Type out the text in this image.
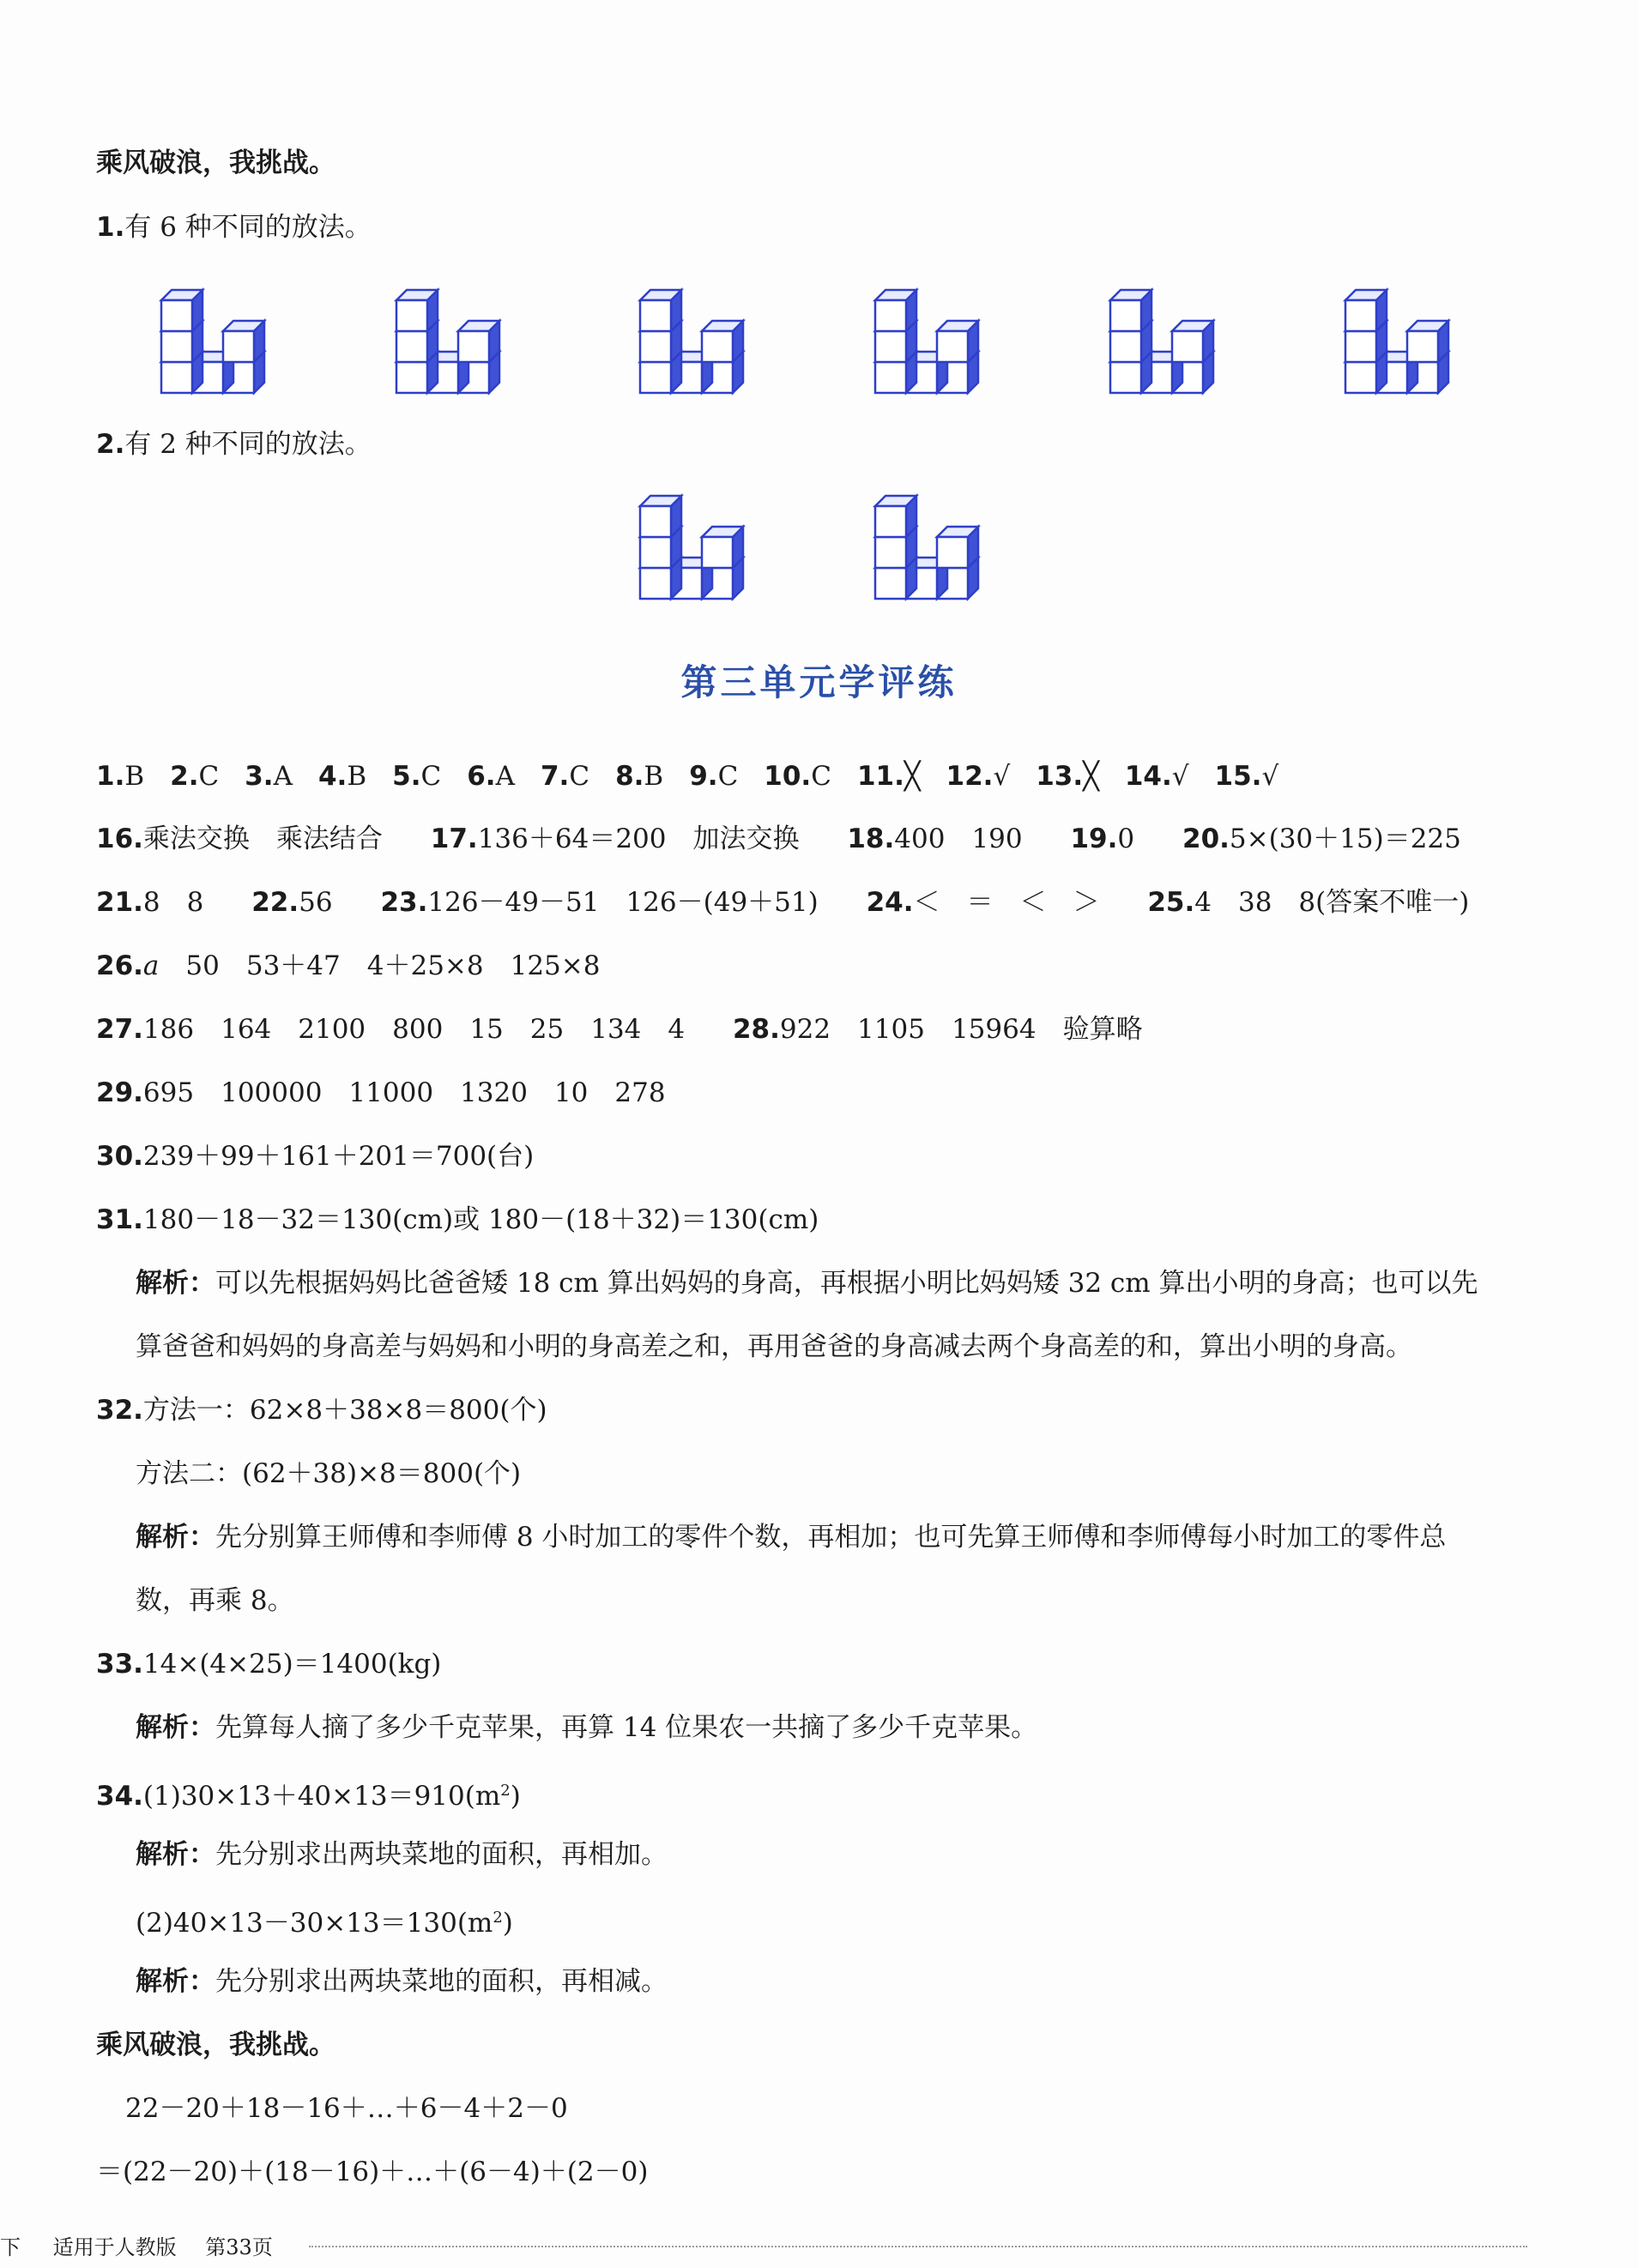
乘风破浪，我挑战。
1.有 6 种不同的放法。
2.有 2 种不同的放法。
第三单元学评练
1.B 2.C 3.A 4.B 5.C 6.A 7.C 8.B 9.C 10.C 11.╳ 12.√ 13.╳ 14.√ 15.√
16.乘法交换　乘法结合 17.136＋64＝200　加法交换 18.400　190 19.0 20.5×(30＋15)＝225
21.8　8 22.56 23.126－49－51　126－(49＋51) 24.＜　＝　＜　＞ 25.4　38　8(答案不唯一)
26.a　50　53＋47　4＋25×8　125×8
27.186　164　2100　800　15　25　134　4 28.922　1105　15964　验算略
29.695　100000　11000　1320　10　278
30.239＋99＋161＋201＝700(台)
31.180－18－32＝130(cm)或 180－(18＋32)＝130(cm)
解析：可以先根据妈妈比爸爸矮 18 cm 算出妈妈的身高，再根据小明比妈妈矮 32 cm 算出小明的身高；也可以先
算爸爸和妈妈的身高差与妈妈和小明的身高差之和，再用爸爸的身高减去两个身高差的和，算出小明的身高。
32.方法一：62×8＋38×8＝800(个)
方法二：(62＋38)×8＝800(个)
解析：先分别算王师傅和李师傅 8 小时加工的零件个数，再相加；也可先算王师傅和李师傅每小时加工的零件总
数，再乘 8。
33.14×(4×25)＝1400(kg)
解析：先算每人摘了多少千克苹果，再算 14 位果农一共摘了多少千克苹果。
$34.(1)30\times 13+40\times 13=910(m^2)$
解析：先分别求出两块菜地的面积，再相加。
$(2)40\times 13-30\times 13=130(m^2)$
解析：先分别求出两块菜地的面积，再相减。
乘风破浪，我挑战。
22－20＋18－16＋…＋6－4＋2－0
＝(22－20)＋(18－16)＋…＋(6－4)＋(2－0)
下 适用于人教版 第33页
